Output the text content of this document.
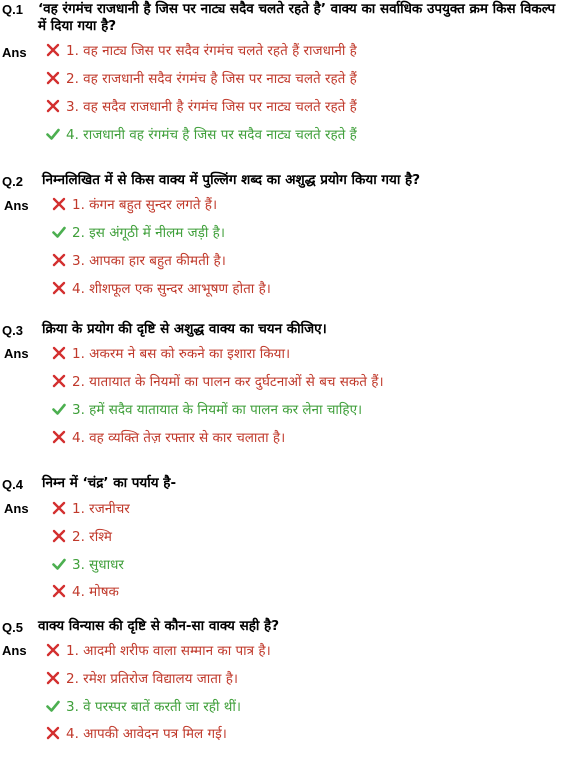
Q.1 ‘वह रंगमंच राजधानी है जिस पर नाट्य सदैव चलते रहते है’ वाक्य का सर्वाधिक उपयुक्त क्रम किस विकल्प में दिया गया है?
Ans	1. वह नाट्य जिस पर सदैव रंगमंच चलते रहते हैं राजधानी है
2. वह राजधानी सदैव रंगमंच है जिस पर नाट्य चलते रहते हैं
3. वह सदैव राजधानी है रंगमंच जिस पर नाट्य चलते रहते हैं
4. राजधानी वह रंगमंच है जिस पर सदैव नाट्य चलते रहते हैं
Q.2 निम्नलिखित में से किस वाक्य में पुल्लिंग शब्द का अशुद्ध प्रयोग किया गया है?
Ans	1. कंगन बहुत सुन्दर लगते हैं।
2. इस अंगूठी में नीलम जड़ी है।
3. आपका हार बहुत कीमती है।
4. शीशफूल एक सुन्दर आभूषण होता है।
Q.3 क्रिया के प्रयोग की दृष्टि से अशुद्ध वाक्य का चयन कीजिए।
Ans	1. अकरम ने बस को रुकने का इशारा किया।
2. यातायात के नियमों का पालन कर दुर्घटनाओं से बच सकते हैं।
3. हमें सदैव यातायात के नियमों का पालन कर लेना चाहिए।
4. वह व्यक्ति तेज़ रफ्तार से कार चलाता है।
Q.4 निम्न में ‘चंद्र’ का पर्याय है-
Ans	1. रजनीचर
2. रश्मि
3. सुधाधर
4. मोषक
Q.5 वाक्य विन्यास की दृष्टि से कौन-सा वाक्य सही है?
Ans	1. आदमी शरीफ वाला सम्मान का पात्र है।
2. रमेश प्रतिरोज विद्यालय जाता है।
3. वे परस्पर बातें करती जा रही थीं।
4. आपकी आवेदन पत्र मिल गई।
